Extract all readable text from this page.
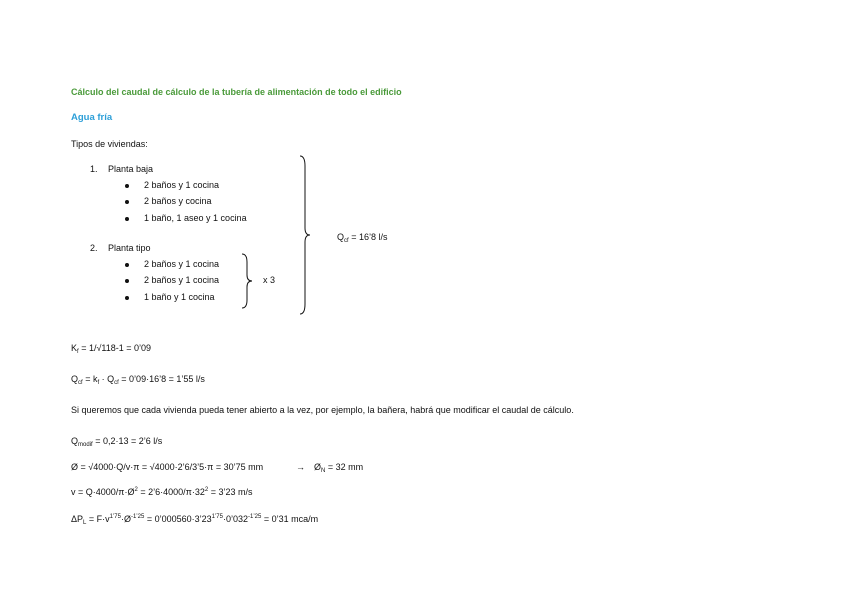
Cálculo del caudal de cálculo de la tubería de alimentación de todo el edificio
Agua fría
Tipos de viviendas:
1. Planta baja
2 baños y 1 cocina
2 baños y cocina
1 baño, 1 aseo y 1 cocina
2. Planta tipo
2 baños y 1 cocina
2 baños y 1 cocina
1 baño y 1 cocina
x 3
$Q_{cf}$ = 16’8 l/s
$K_f = 1/√118-1$ = 0’09
$Q_{cf} = k_f \cdot Q_{cf}$ = 0’09·16’8 = 1’55 l/s
Si queremos que cada vivienda pueda tener abierto a la vez, por ejemplo, la bañera, habrá que modificar el caudal de cálculo.
$Q_{modif} = 0,2\cdot 13$ = 2’6 l/s
Ø = √4000·Q/v·π = √4000·2’6/3’5·π = 30’75 mm	→ $Ø_N = 32$ mm
$v = Q\cdot 4000/\pi\cdot Ø^2$ = $2’6\cdot 4000/\pi\cdot 32^2$ = 3’23 m/s
$\Delta P_L$ = $F\cdot v^{1’75}\cdot Ø^{-1’25}$ = $0’000560\cdot 3’23^{1’75}\cdot 0’032^{-1’25}$ = 0’31 mca/m
